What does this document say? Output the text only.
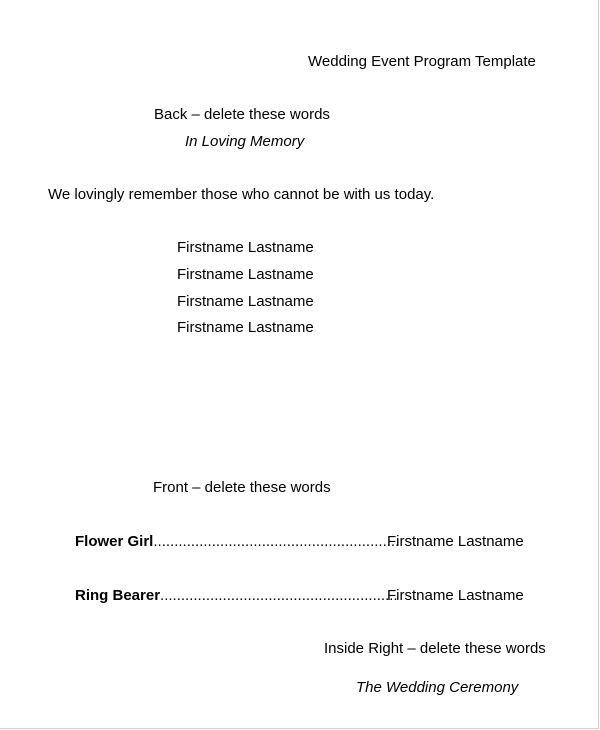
Wedding Event Program Template
Back – delete these words
In Loving Memory
We lovingly remember those who cannot be with us today.
Firstname Lastname
Firstname Lastname
Firstname Lastname
Firstname Lastname
Front – delete these words
Flower Girl...........................................................
Firstname Lastname
Ring Bearer.........................................................
Firstname Lastname
Inside Right – delete these words
The Wedding Ceremony
